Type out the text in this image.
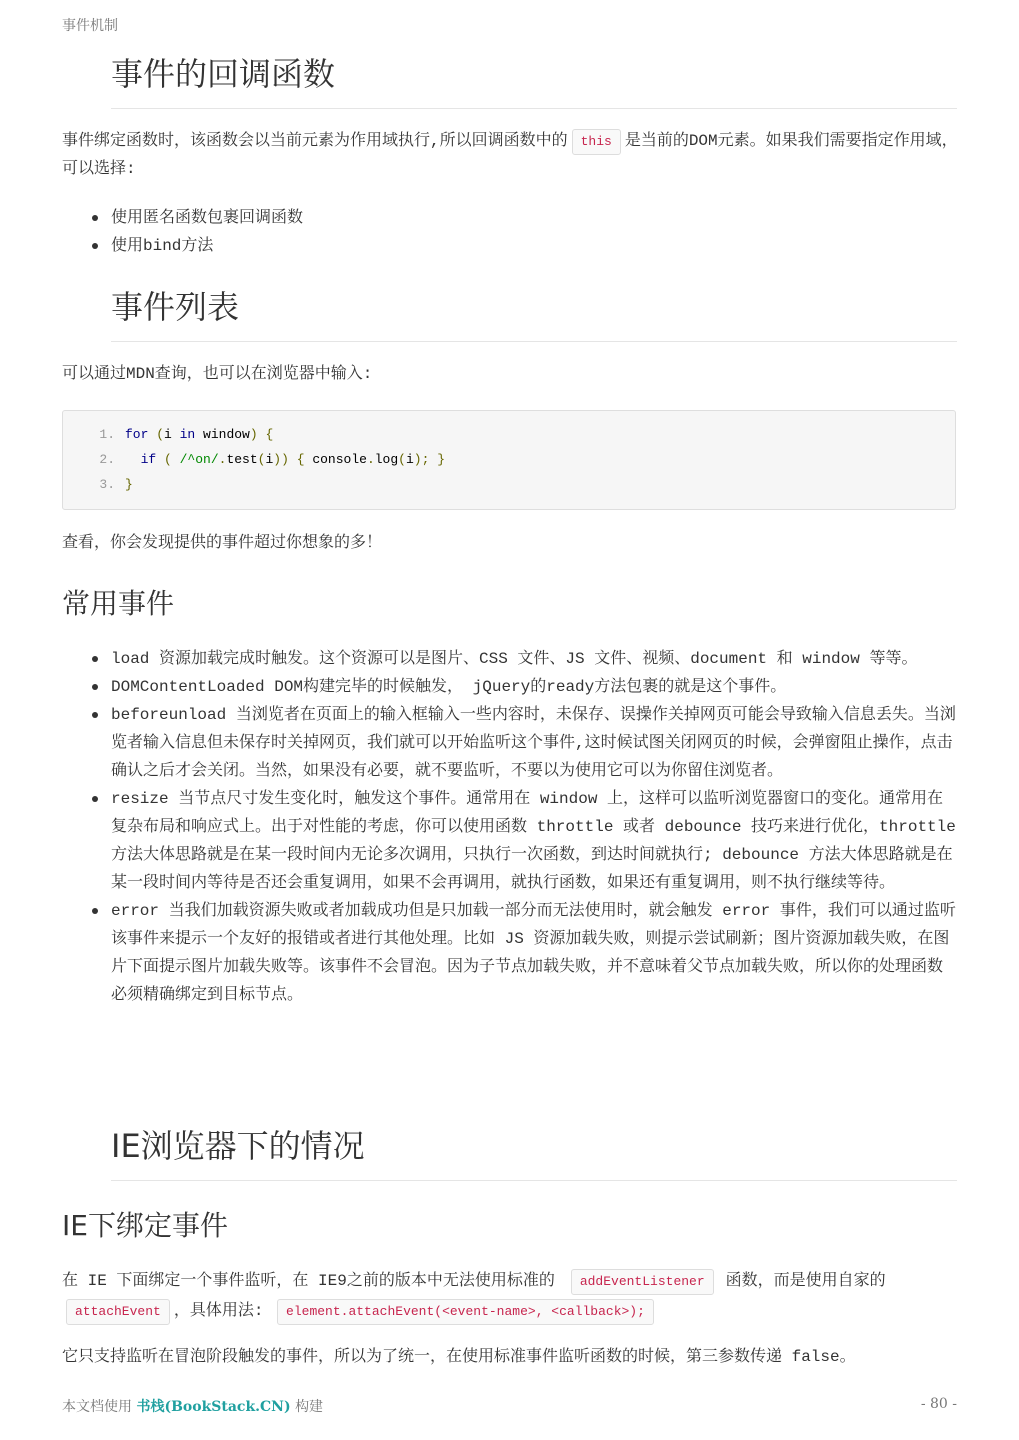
事件机制
事件的回调函数

事件绑定函数时，该函数会以当前元素为作用域执行,所以回调函数中的 this 是当前的DOM元素。如果我们需要指定作用域，可以选择:

使用匿名函数包裹回调函数
使用bind方法
事件列表

可以通过MDN查询，也可以在浏览器中输入:

1. for (i in window) {
2. if ( /^on/.test(i)) { console.log(i); }
3. }

查看，你会发现提供的事件超过你想象的多！

常用事件
load 资源加载完成时触发。这个资源可以是图片、CSS 文件、JS 文件、视频、document 和 window 等等。
DOMContentLoaded DOM构建完毕的时候触发， jQuery的ready方法包裹的就是这个事件。
beforeunload 当浏览者在页面上的输入框输入一些内容时，未保存、误操作关掉网页可能会导致输入信息丢失。当浏览者输入信息但未保存时关掉网页，我们就可以开始监听这个事件,这时候试图关闭网页的时候，会弹窗阻止操作，点击确认之后才会关闭。当然，如果没有必要，就不要监听，不要以为使用它可以为你留住浏览者。
resize 当节点尺寸发生变化时，触发这个事件。通常用在 window 上，这样可以监听浏览器窗口的变化。通常用在复杂布局和响应式上。出于对性能的考虑，你可以使用函数 throttle 或者 debounce 技巧来进行优化，throttle 方法大体思路就是在某一段时间内无论多次调用，只执行一次函数，到达时间就执行; debounce 方法大体思路就是在某一段时间内等待是否还会重复调用，如果不会再调用，就执行函数，如果还有重复调用，则不执行继续等待。
error 当我们加载资源失败或者加载成功但是只加载一部分而无法使用时，就会触发 error 事件，我们可以通过监听该事件来提示一个友好的报错或者进行其他处理。比如 JS 资源加载失败，则提示尝试刷新；图片资源加载失败，在图片下面提示图片加载失败等。该事件不会冒泡。因为子节点加载失败，并不意味着父节点加载失败，所以你的处理函数必须精确绑定到目标节点。
IE浏览器下的情况
IE下绑定事件

在 IE 下面绑定一个事件监听，在 IE9之前的版本中无法使用标准的 addEventListener 函数，而是使用自家的 attachEvent ，具体用法: element.attachEvent(<event-name>, <callback>);

它只支持监听在冒泡阶段触发的事件，所以为了统一，在使用标准事件监听函数的时候，第三参数传递 false。

本文档使用 书栈(BookStack.CN) 构建	- 80 -
